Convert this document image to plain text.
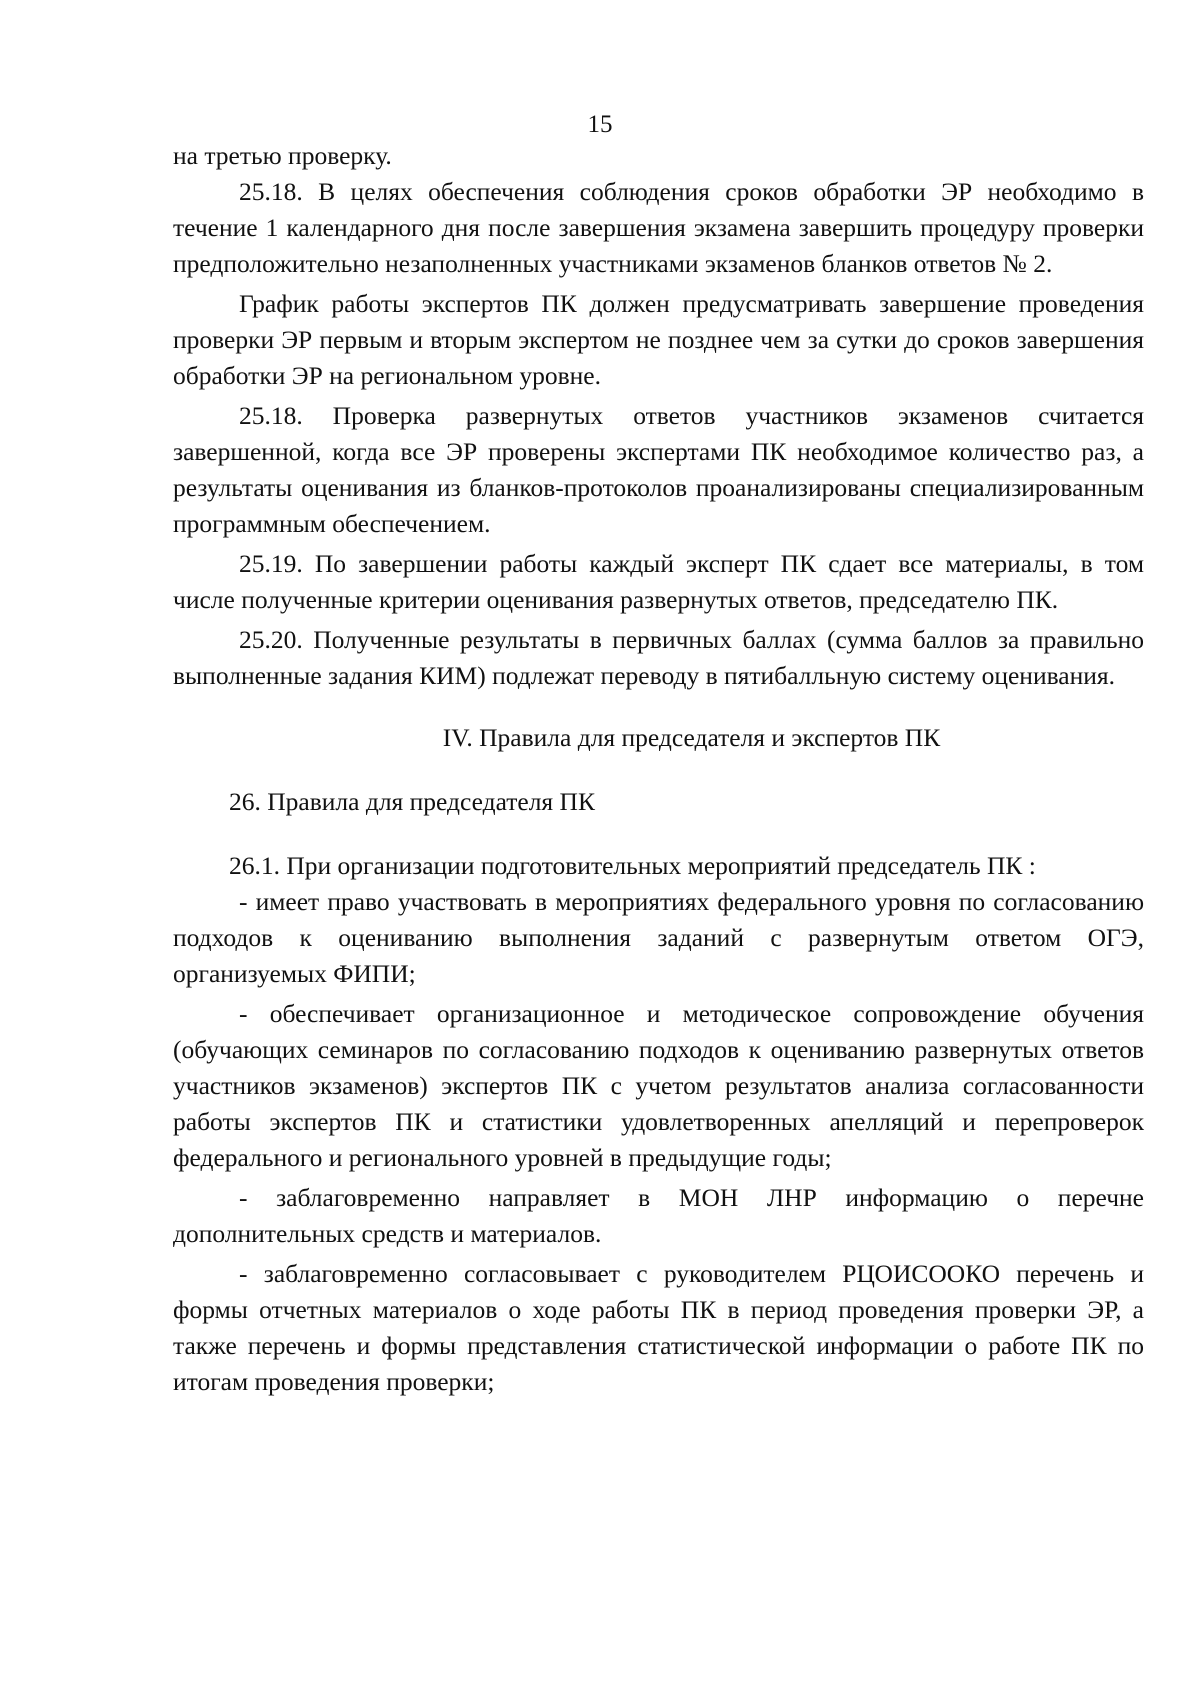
15

на третью проверку.

25.18. В целях обеспечения соблюдения сроков обработки ЭР необходимо в течение 1 календарного дня после завершения экзамена завершить процедуру проверки предположительно незаполненных участниками экзаменов бланков ответов № 2.

График работы экспертов ПК должен предусматривать завершение проведения проверки ЭР первым и вторым экспертом не позднее чем за сутки до сроков завершения обработки ЭР на региональном уровне.

25.18. Проверка развернутых ответов участников экзаменов считается завершенной, когда все ЭР проверены экспертами ПК необходимое количество раз, а результаты оценивания из бланков-протоколов проанализированы специализированным программным обеспечением.

25.19. По завершении работы каждый эксперт ПК сдает все материалы, в том числе полученные критерии оценивания развернутых ответов, председателю ПК.

25.20. Полученные результаты в первичных баллах (сумма баллов за правильно выполненные задания КИМ) подлежат переводу в пятибалльную систему оценивания.

IV. Правила для председателя и экспертов ПК

26. Правила для председателя ПК

26.1. При организации подготовительных мероприятий председатель ПК :

- имеет право участвовать в мероприятиях федерального уровня по согласованию подходов к оцениванию выполнения заданий с развернутым ответом ОГЭ, организуемых ФИПИ;

- обеспечивает организационное и методическое сопровождение обучения (обучающих семинаров по согласованию подходов к оцениванию развернутых ответов участников экзаменов) экспертов ПК с учетом результатов анализа согласованности работы экспертов ПК и статистики удовлетворенных апелляций и перепроверок федерального и регионального уровней в предыдущие годы;

- заблаговременно направляет в МОН ЛНР информацию о перечне дополнительных средств и материалов.

- заблаговременно согласовывает с руководителем РЦОИСООКО перечень и формы отчетных материалов о ходе работы ПК в период проведения проверки ЭР, а также перечень и формы представления статистической информации о работе ПК по итогам проведения проверки;
